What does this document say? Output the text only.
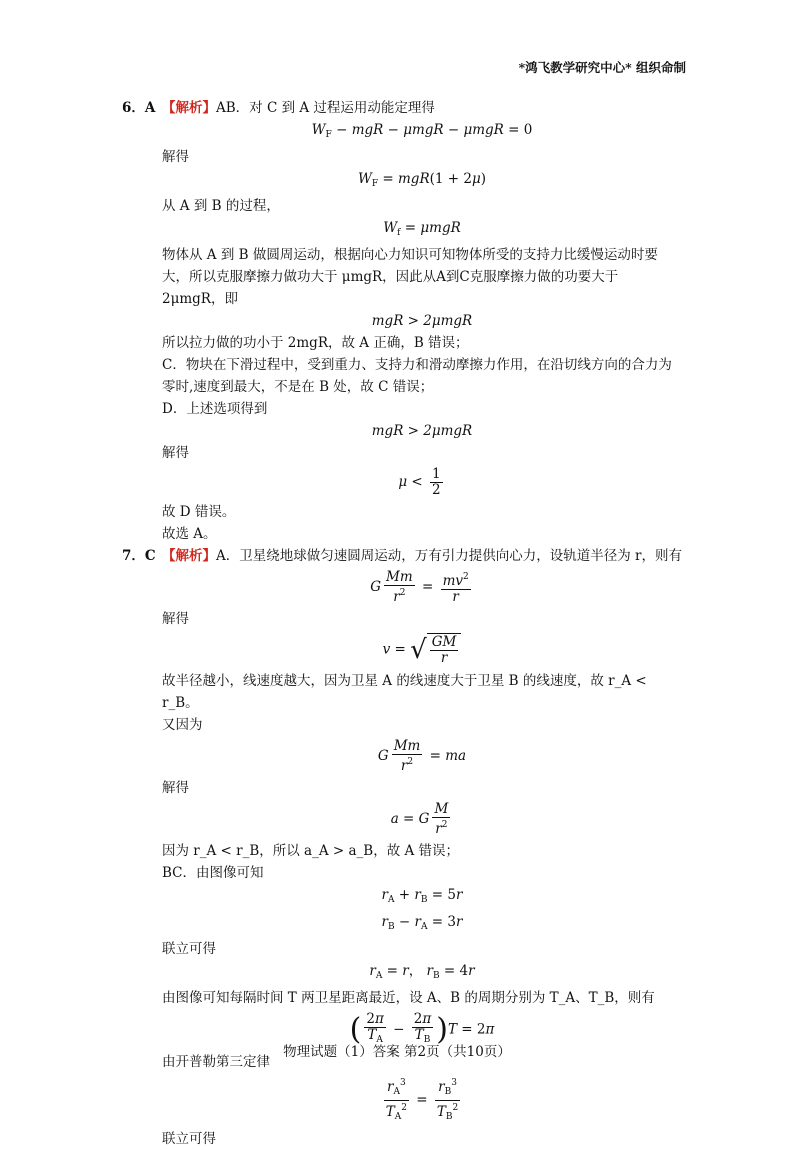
*鸿飞教学研究中心* 组织命制
6．A 【解析】AB．对 C 到 A 过程运用动能定理得
$W_F$ − mgR − μmgR − μmgR = 0
解得
$W_F = mgR(1 + 2\mu)$
从 A 到 B 的过程，
$W_f = \mu mgR$
物体从 A 到 B 做圆周运动，根据向心力知识可知物体所受的支持力比缓慢运动时要大，所以克服摩擦力做功大于 μmgR，因此从A到C克服摩擦力做的功要大于 2μmgR，即
mgR > 2μmgR
所以拉力做的功小于 2mgR，故 A 正确，B 错误；
C．物块在下滑过程中，受到重力、支持力和滑动摩擦力作用，在沿切线方向的合力为零时,速度到最大，不是在 B 处，故 C 错误；
D．上述选项得到
mgR > 2μmgR
解得
$\mu < \frac{1}{2}$
故 D 错误。
故选 A。
7．C 【解析】A．卫星绕地球做匀速圆周运动，万有引力提供向心力，设轨道半径为 r，则有
G $\frac{Mm}{r^2} = \frac{mv^2}{r}$
解得
v = √ $\frac{GM}{r}$
故半径越小，线速度越大，因为卫星 A 的线速度大于卫星 B 的线速度，故 r_A < r_B。
又因为
G $\frac{Mm}{r^2}$ = ma
解得
a = G $\frac{M}{r^2}$
因为 r_A < r_B，所以 a_A > a_B，故 A 错误；
BC．由图像可知
$r_A + r_B = 5r$
$r_B - r_A = 3r$
联立可得
$r_A = r$， $r_B = 4r$
由图像可知每隔时间 T 两卫星距离最近，设 A、B 的周期分别为 T_A、T_B，则有
( $\frac{2\pi}{T_A} - \frac{2\pi}{T_B} )T = 2\pi$
由开普勒第三定律
$\frac{r_A^3}{T_A^2} = \frac{r_B^3}{T_B^2}$
联立可得
物理试题（1）答案 第2页（共10页）
